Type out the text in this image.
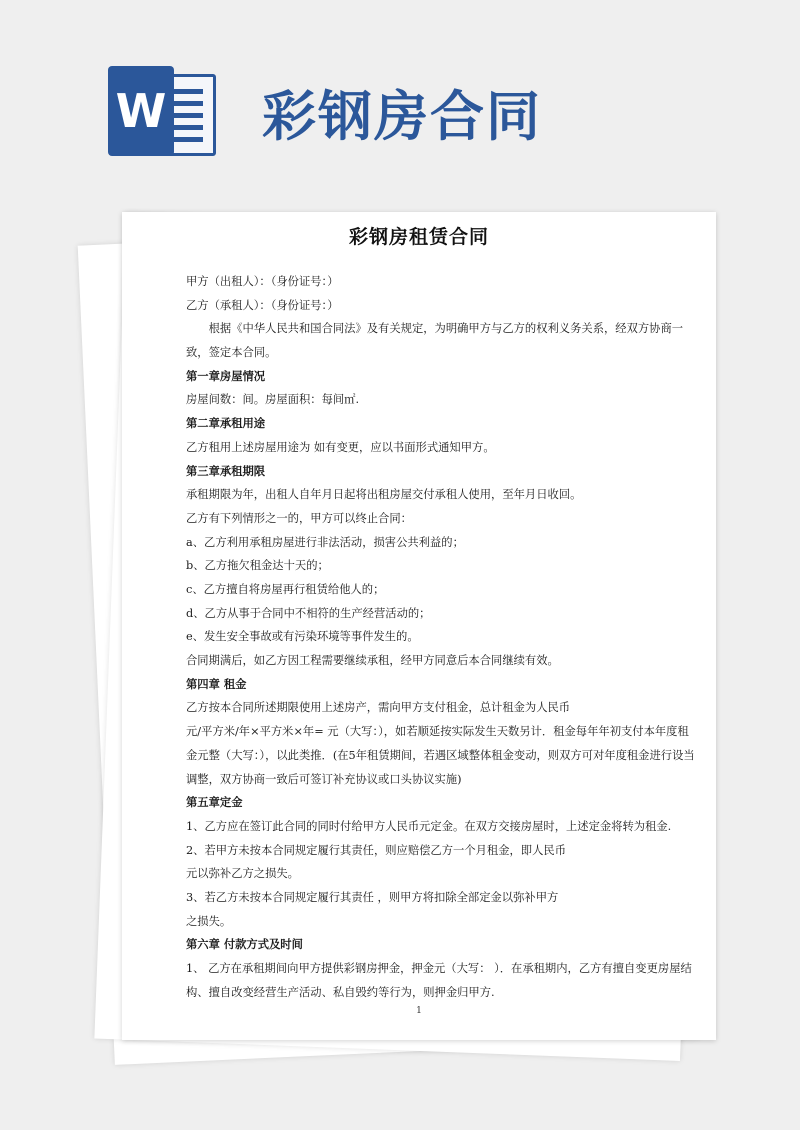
W 彩钢房合同
彩钢房租赁合同
甲方（出租人）：（身份证号：）
乙方（承租人）：（身份证号：）
根据《中华人民共和国合同法》及有关规定，为明确甲方与乙方的权利义务关系，经双方协商一致，签定本合同。
第一章房屋情况
房屋间数：间。房屋面积：每间㎡.
第二章承租用途
乙方租用上述房屋用途为 如有变更，应以书面形式通知甲方。
第三章承租期限
承租期限为年，出租人自年月日起将出租房屋交付承租人使用，至年月日收回。
乙方有下列情形之一的，甲方可以终止合同：
a、乙方利用承租房屋进行非法活动，损害公共利益的；
b、乙方拖欠租金达十天的；
c、乙方擅自将房屋再行租赁给他人的；
d、乙方从事于合同中不相符的生产经营活动的；
e、发生安全事故或有污染环境等事件发生的。
合同期满后，如乙方因工程需要继续承租，经甲方同意后本合同继续有效。
第四章 租金
乙方按本合同所述期限使用上述房产，需向甲方支付租金，总计租金为人民币
元/平方米/年×平方米×年= 元（大写：），如若顺延按实际发生天数另计．租金每年年初支付本年度租金元整（大写：），以此类推．(在5年租赁期间，若遇区域整体租金变动，则双方可对年度租金进行设当调整，双方协商一致后可签订补充协议或口头协议实施)
第五章定金
1、乙方应在签订此合同的同时付给甲方人民币元定金。在双方交接房屋时，上述定金将转为租金.
2、若甲方未按本合同规定履行其责任，则应赔偿乙方一个月租金，即人民币
元以弥补乙方之损失。
3、若乙方未按本合同规定履行其责任 ，则甲方将扣除全部定金以弥补甲方
之损失。
第六章 付款方式及时间
1、 乙方在承租期间向甲方提供彩钢房押金，押金元（大写： ）．在承租期内，乙方有擅自变更房屋结构、擅自改变经营生产活动、私自毁约等行为，则押金归甲方.
1
